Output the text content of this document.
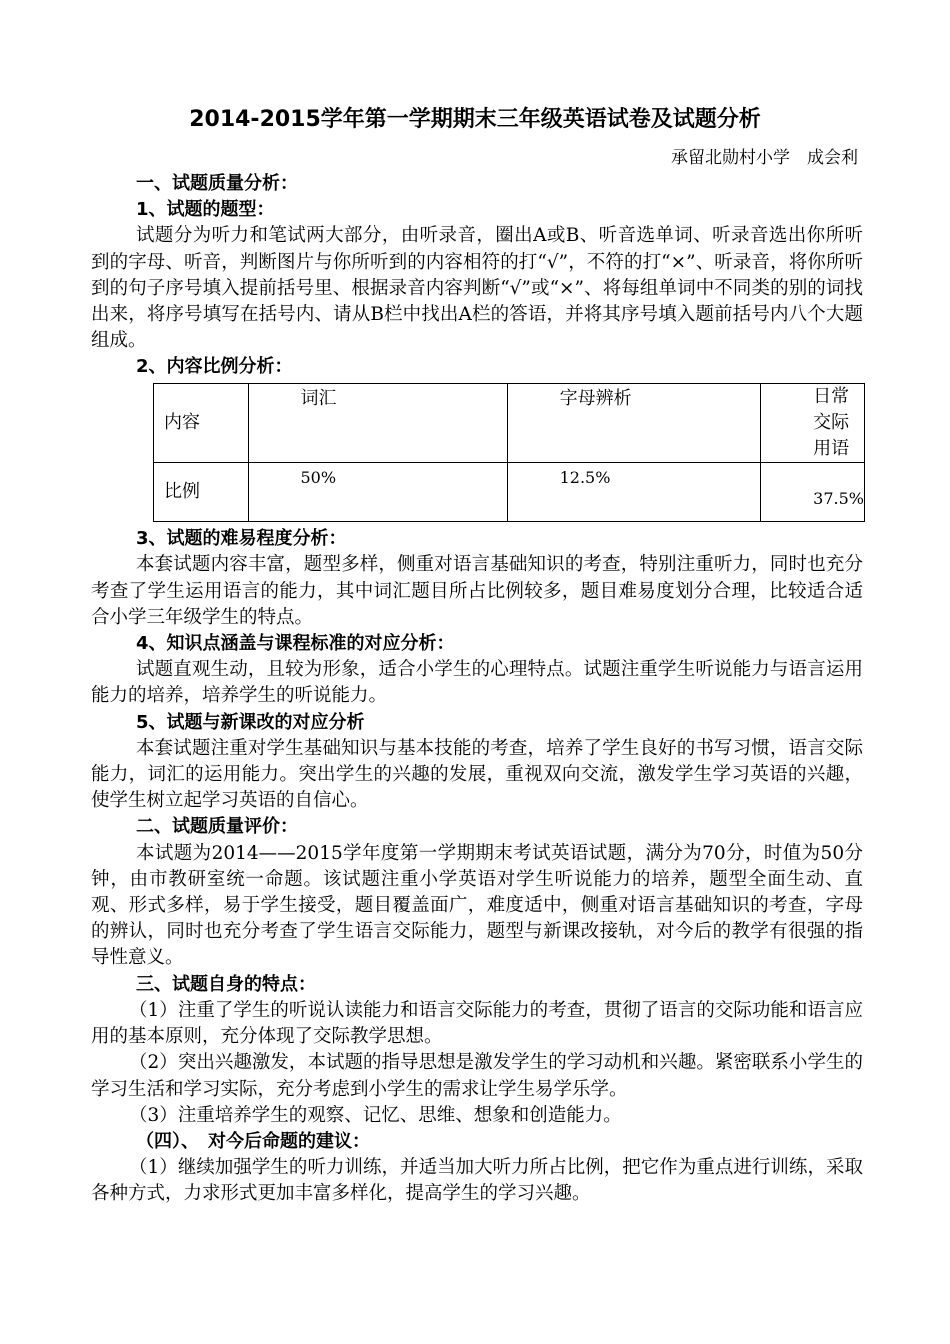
2014-2015学年第一学期期末三年级英语试卷及试题分析
承留北勋村小学　成会利

一、试题质量分析：

1、试题的题型：

试题分为听力和笔试两大部分，由听录音，圈出A或B、听音选单词、听录音选出你所听到的字母、听音，判断图片与你所听到的内容相符的打“√”，不符的打“×”、听录音，将你所听到的句子序号填入提前括号里、根据录音内容判断“√”或“×”、将每组单词中不同类的别的词找出来，将序号填写在括号内、请从B栏中找出A栏的答语，并将其序号填入题前括号内八个大题组成。

2、内容比例分析：

内容	词汇	字母辨析	日常交际用语
比例	50%	12.5%	37.5%

3、试题的难易程度分析：

本套试题内容丰富，题型多样，侧重对语言基础知识的考查，特别注重听力，同时也充分考查了学生运用语言的能力，其中词汇题目所占比例较多，题目难易度划分合理，比较适合适合小学三年级学生的特点。

4、知识点涵盖与课程标准的对应分析：

试题直观生动，且较为形象，适合小学生的心理特点。试题注重学生听说能力与语言运用能力的培养，培养学生的听说能力。

5、试题与新课改的对应分析

本套试题注重对学生基础知识与基本技能的考查，培养了学生良好的书写习惯，语言交际能力，词汇的运用能力。突出学生的兴趣的发展，重视双向交流，激发学生学习英语的兴趣，使学生树立起学习英语的自信心。

二、试题质量评价：

本试题为2014——2015学年度第一学期期末考试英语试题，满分为70分，时值为50分钟，由市教研室统一命题。该试题注重小学英语对学生听说能力的培养，题型全面生动、直观、形式多样，易于学生接受，题目覆盖面广，难度适中，侧重对语言基础知识的考查，字母的辨认，同时也充分考查了学生语言交际能力，题型与新课改接轨，对今后的教学有很强的指导性意义。

三、试题自身的特点：

（1）注重了学生的听说认读能力和语言交际能力的考查，贯彻了语言的交际功能和语言应用的基本原则，充分体现了交际教学思想。

（2）突出兴趣激发，本试题的指导思想是激发学生的学习动机和兴趣。紧密联系小学生的学习生活和学习实际，充分考虑到小学生的需求让学生易学乐学。

（3）注重培养学生的观察、记忆、思维、想象和创造能力。

（四）、　对今后命题的建议：

（1）继续加强学生的听力训练，并适当加大听力所占比例，把它作为重点进行训练，采取各种方式，力求形式更加丰富多样化，提高学生的学习兴趣。
